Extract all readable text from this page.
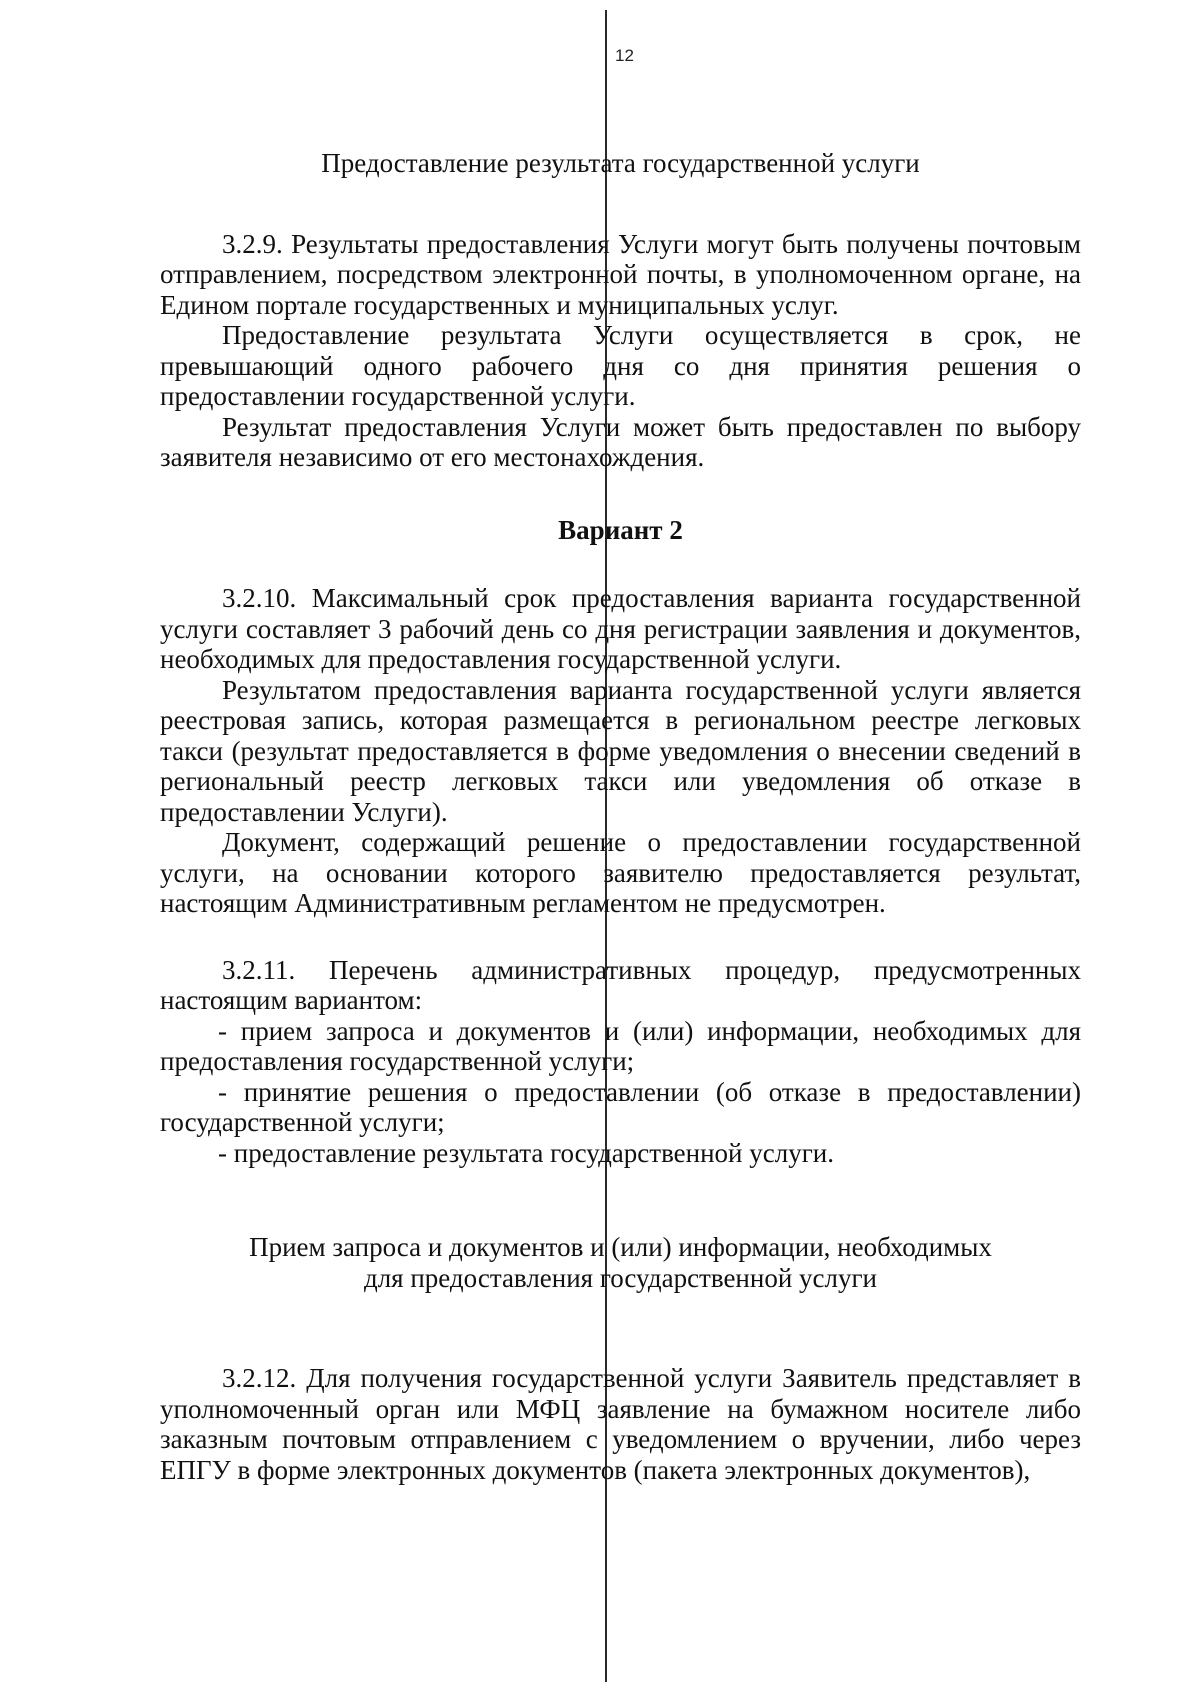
12
Предоставление результата государственной услуги

3.2.9. Результаты предоставления Услуги могут быть получены почтовым отправлением, посредством электронной почты, в уполномоченном органе, на Едином портале государственных и муниципальных услуг.

Предоставление результата Услуги осуществляется в срок, не превышающий одного рабочего дня со дня принятия решения о предоставлении государственной услуги.

Результат предоставления Услуги может быть предоставлен по выбору заявителя независимо от его местонахождения.

Вариант 2

3.2.10. Максимальный срок предоставления варианта государственной услуги составляет 3 рабочий день со дня регистрации заявления и документов, необходимых для предоставления государственной услуги.

Результатом предоставления варианта государственной услуги является реестровая запись, которая размещается в региональном реестре легковых такси (результат предоставляется в форме уведомления о внесении сведений в региональный реестр легковых такси или уведомления об отказе в предоставлении Услуги).

Документ, содержащий решение о предоставлении государственной услуги, на основании которого заявителю предоставляется результат, настоящим Административным регламентом не предусмотрен.

3.2.11. Перечень административных процедур, предусмотренных настоящим вариантом:

- прием запроса и документов и (или) информации, необходимых для предоставления государственной услуги;

- принятие решения о предоставлении (об отказе в предоставлении) государственной услуги;

- предоставление результата государственной услуги.

Прием запроса и документов и (или) информации, необходимых
для предоставления государственной услуги

3.2.12. Для получения государственной услуги Заявитель представляет в уполномоченный орган или МФЦ заявление на бумажном носителе либо заказным почтовым отправлением с уведомлением о вручении, либо через ЕПГУ в форме электронных документов (пакета электронных документов),
